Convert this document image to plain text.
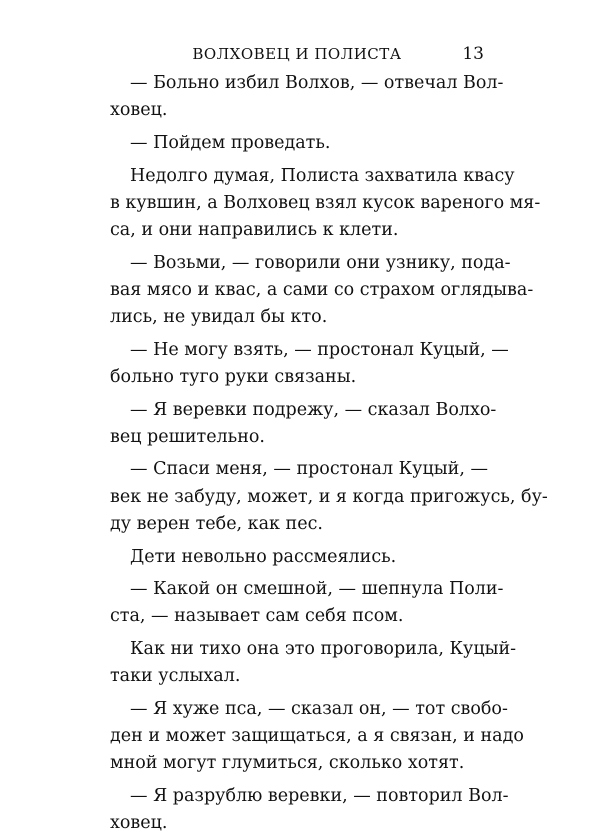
ВОЛХОВЕЦ И ПОЛИСТА	13
— Больно избил Волхов, — отвечал Вол-
ховец.
— Пойдем проведать.
Недолго думая, Полиста захватила квасу
в кувшин, а Волховец взял кусок вареного мя-
са, и они направились к клети.
— Возьми, — говорили они узнику, пода-
вая мясо и квас, а сами со страхом оглядыва-
лись, не увидал бы кто.
— Не могу взять, — простонал Куцый, —
больно туго руки связаны.
— Я веревки подрежу, — сказал Волхо-
вец решительно.
— Спаси меня, — простонал Куцый, —
век не забуду, может, и я когда пригожусь, бу-
ду верен тебе, как пес.
Дети невольно рассмеялись.
— Какой он смешной, — шепнула Поли-
ста, — называет сам себя псом.
Как ни тихо она это проговорила, Куцый-
таки услыхал.
— Я хуже пса, — сказал он, — тот свобо-
ден и может защищаться, а я связан, и надо
мной могут глумиться, сколько хотят.
— Я разрублю веревки, — повторил Вол-
ховец.
